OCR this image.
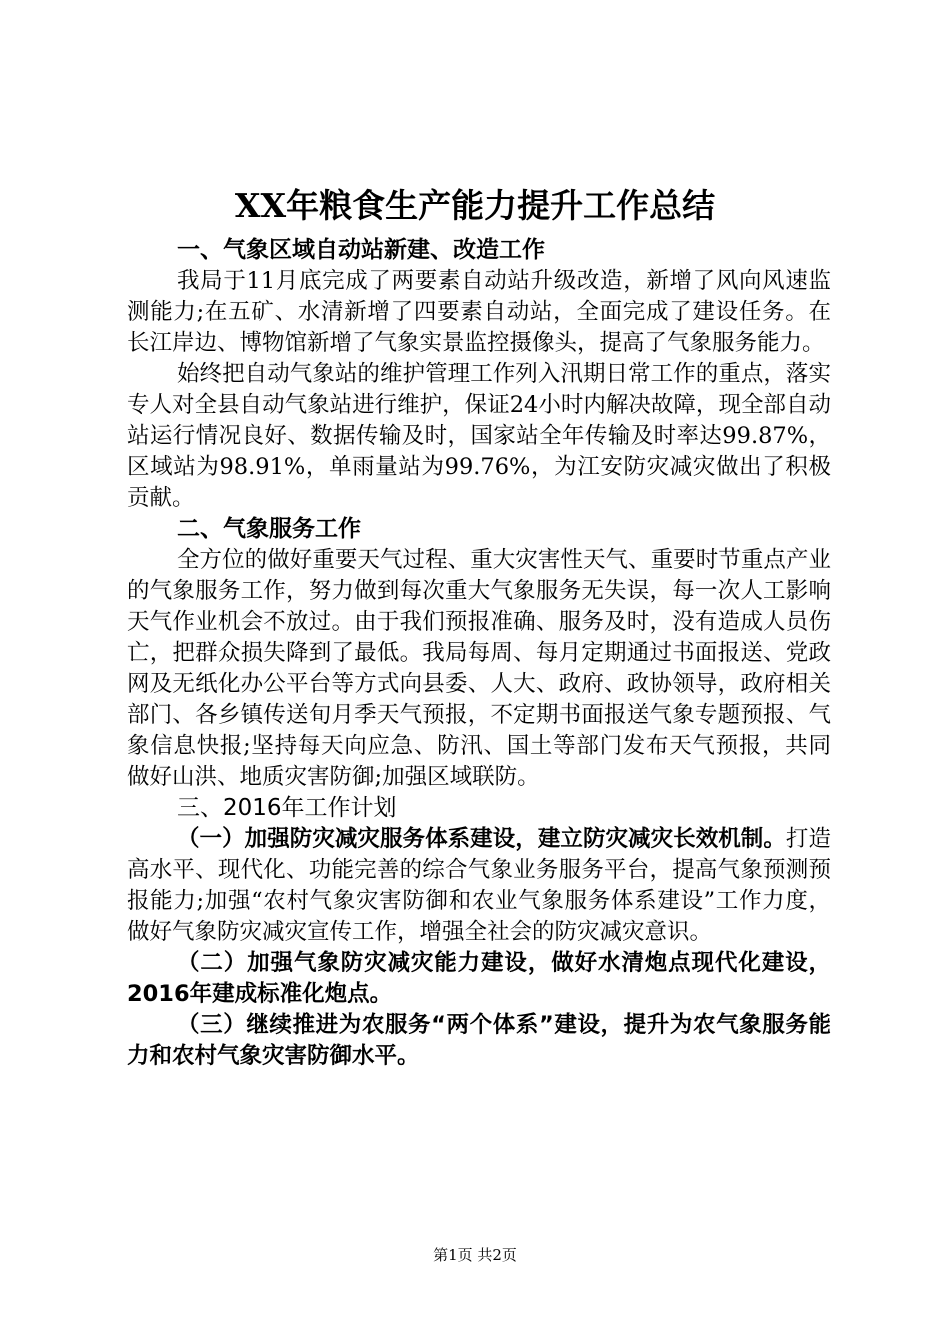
XX年粮食生产能力提升工作总结

一、气象区域自动站新建、改造工作

我局于11月底完成了两要素自动站升级改造，新增了风向风速监测能力;在五矿、水清新增了四要素自动站，全面完成了建设任务。在长江岸边、博物馆新增了气象实景监控摄像头，提高了气象服务能力。

始终把自动气象站的维护管理工作列入汛期日常工作的重点，落实专人对全县自动气象站进行维护，保证24小时内解决故障，现全部自动站运行情况良好、数据传输及时，国家站全年传输及时率达99.87%，区域站为98.91%，单雨量站为99.76%，为江安防灾减灾做出了积极贡献。

二、气象服务工作

全方位的做好重要天气过程、重大灾害性天气、重要时节重点产业的气象服务工作，努力做到每次重大气象服务无失误，每一次人工影响天气作业机会不放过。由于我们预报准确、服务及时，没有造成人员伤亡，把群众损失降到了最低。我局每周、每月定期通过书面报送、党政网及无纸化办公平台等方式向县委、人大、政府、政协领导，政府相关部门、各乡镇传送旬月季天气预报，不定期书面报送气象专题预报、气象信息快报;坚持每天向应急、防汛、国土等部门发布天气预报，共同做好山洪、地质灾害防御;加强区域联防。

三、2016年工作计划

（一）加强防灾减灾服务体系建设，建立防灾减灾长效机制。打造高水平、现代化、功能完善的综合气象业务服务平台，提高气象预测预报能力;加强“农村气象灾害防御和农业气象服务体系建设”工作力度，做好气象防灾减灾宣传工作，增强全社会的防灾减灾意识。

（二）加强气象防灾减灾能力建设，做好水清炮点现代化建设，2016年建成标准化炮点。

（三）继续推进为农服务“两个体系”建设，提升为农气象服务能力和农村气象灾害防御水平。

第1页 共2页
